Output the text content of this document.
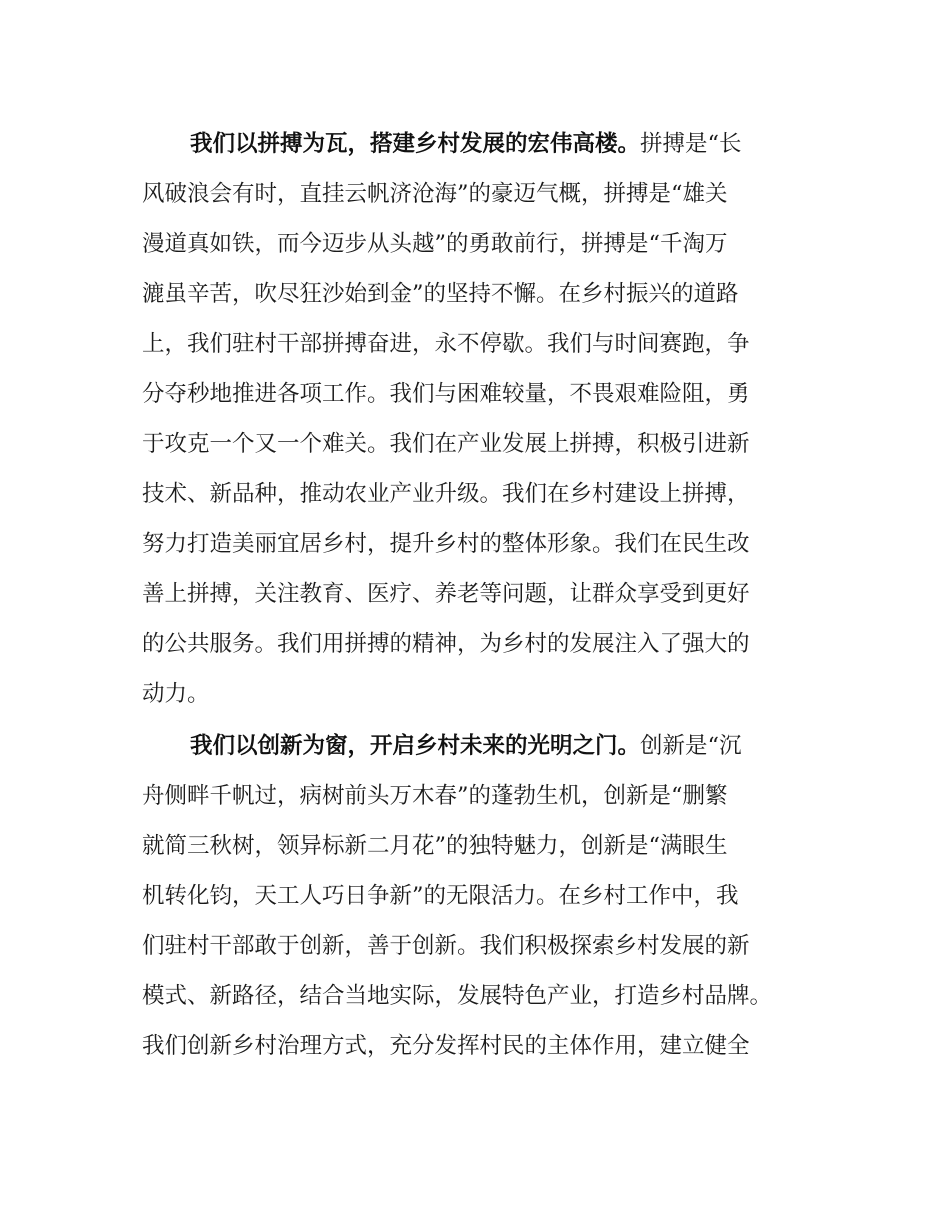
我们以拼搏为瓦，搭建乡村发展的宏伟高楼。拼搏是“长
风破浪会有时，直挂云帆济沧海”的豪迈气概，拼搏是“雄关
漫道真如铁，而今迈步从头越”的勇敢前行，拼搏是“千淘万
漉虽辛苦，吹尽狂沙始到金”的坚持不懈。在乡村振兴的道路
上，我们驻村干部拼搏奋进，永不停歇。我们与时间赛跑，争
分夺秒地推进各项工作。我们与困难较量，不畏艰难险阻，勇
于攻克一个又一个难关。我们在产业发展上拼搏，积极引进新
技术、新品种，推动农业产业升级。我们在乡村建设上拼搏，
努力打造美丽宜居乡村，提升乡村的整体形象。我们在民生改
善上拼搏，关注教育、医疗、养老等问题，让群众享受到更好
的公共服务。我们用拼搏的精神，为乡村的发展注入了强大的
动力。
我们以创新为窗，开启乡村未来的光明之门。创新是“沉
舟侧畔千帆过，病树前头万木春”的蓬勃生机，创新是“删繁
就简三秋树，领异标新二月花”的独特魅力，创新是“满眼生
机转化钧，天工人巧日争新”的无限活力。在乡村工作中，我
们驻村干部敢于创新，善于创新。我们积极探索乡村发展的新
模式、新路径，结合当地实际，发展特色产业，打造乡村品牌。
我们创新乡村治理方式，充分发挥村民的主体作用，建立健全
